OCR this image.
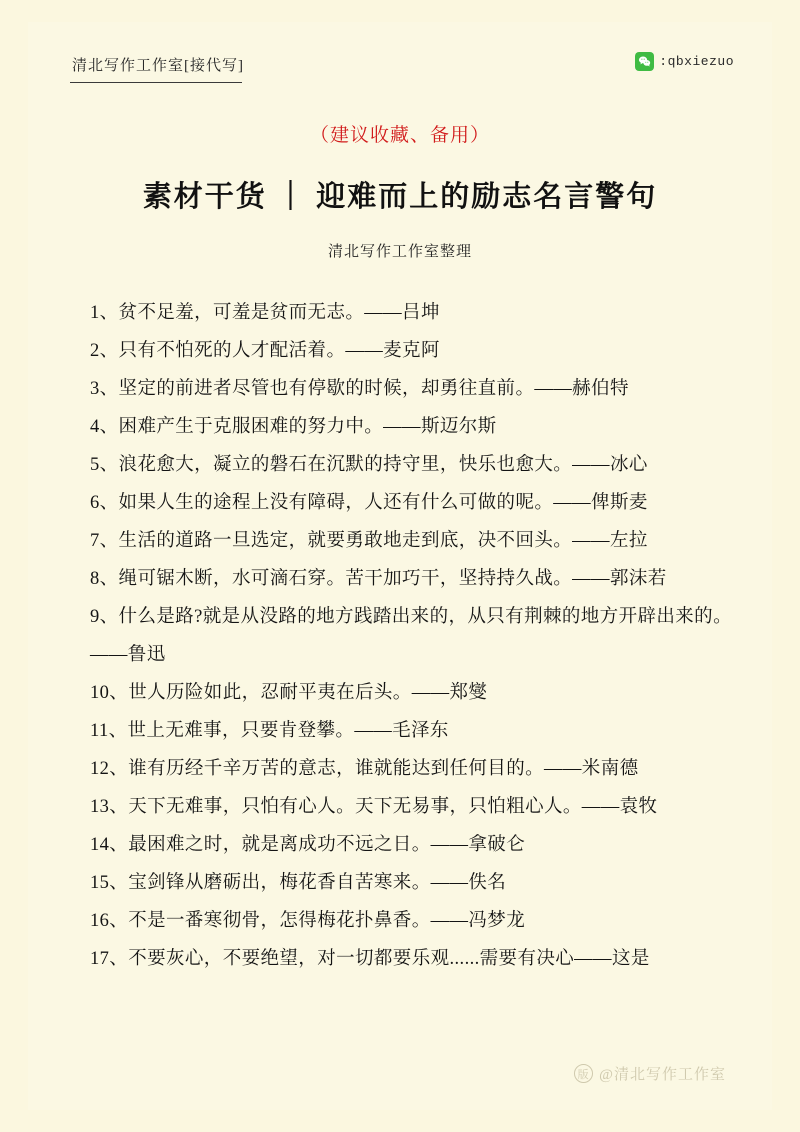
清北写作工作室[接代写]	:qbxiezuo
（建议收藏、备用）
素材干货 ｜ 迎难而上的励志名言警句
清北写作工作室整理

1、贫不足羞，可羞是贫而无志。——吕坤

2、只有不怕死的人才配活着。——麦克阿

3、坚定的前进者尽管也有停歇的时候，却勇往直前。——赫伯特

4、困难产生于克服困难的努力中。——斯迈尔斯

5、浪花愈大，凝立的磐石在沉默的持守里，快乐也愈大。——冰心

6、如果人生的途程上没有障碍，人还有什么可做的呢。——俾斯麦

7、生活的道路一旦选定，就要勇敢地走到底，决不回头。——左拉

8、绳可锯木断，水可滴石穿。苦干加巧干，坚持持久战。——郭沫若

9、什么是路?就是从没路的地方践踏出来的，从只有荆棘的地方开辟出来的。——鲁迅

10、世人历险如此，忍耐平夷在后头。——郑燮

11、世上无难事，只要肯登攀。——毛泽东

12、谁有历经千辛万苦的意志，谁就能达到任何目的。——米南德

13、天下无难事，只怕有心人。天下无易事，只怕粗心人。——袁牧

14、最困难之时，就是离成功不远之日。——拿破仑

15、宝剑锋从磨砺出，梅花香自苦寒来。——佚名

16、不是一番寒彻骨，怎得梅花扑鼻香。——冯梦龙

17、不要灰心，不要绝望，对一切都要乐观......需要有决心——这是

版 @清北写作工作室
